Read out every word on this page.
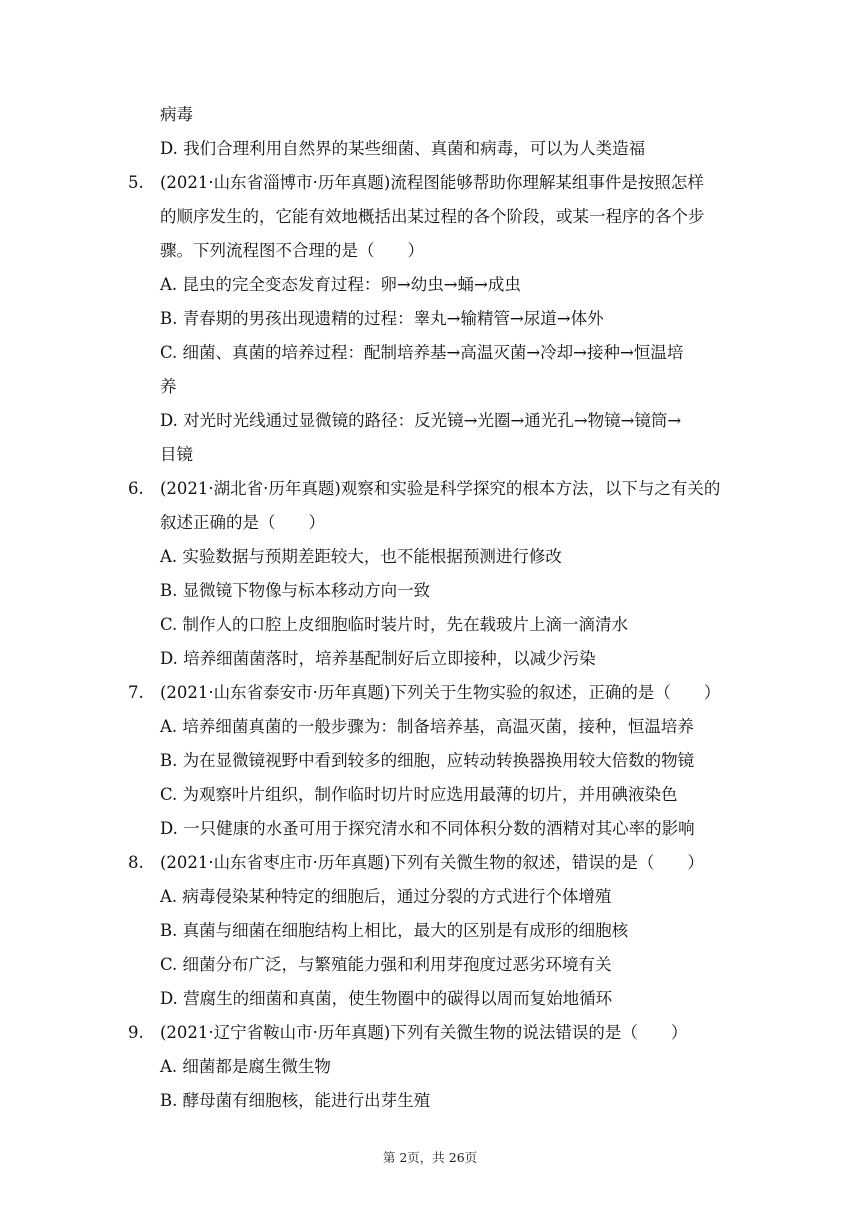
病毒
D. 我们合理利用自然界的某些细菌、真菌和病毒，可以为人类造福
5. (2021·山东省淄博市·历年真题)流程图能够帮助你理解某组事件是按照怎样
的顺序发生的，它能有效地概括出某过程的各个阶段，或某一程序的各个步
骤。下列流程图不合理的是（　　）
A. 昆虫的完全变态发育过程：卵→幼虫→蛹→成虫
B. 青春期的男孩出现遗精的过程：睾丸→输精管→尿道→体外
C. 细菌、真菌的培养过程：配制培养基→高温灭菌→冷却→接种→恒温培
养
D. 对光时光线通过显微镜的路径：反光镜→光圈→通光孔→物镜→镜筒→
目镜
6. (2021·湖北省·历年真题)观察和实验是科学探究的根本方法，以下与之有关的
叙述正确的是（　　）
A. 实验数据与预期差距较大，也不能根据预测进行修改
B. 显微镜下物像与标本移动方向一致
C. 制作人的口腔上皮细胞临时装片时，先在载玻片上滴一滴清水
D. 培养细菌菌落时，培养基配制好后立即接种，以减少污染
7. (2021·山东省泰安市·历年真题)下列关于生物实验的叙述，正确的是（　　）
A. 培养细菌真菌的一般步骤为：制备培养基，高温灭菌，接种，恒温培养
B. 为在显微镜视野中看到较多的细胞，应转动转换器换用较大倍数的物镜
C. 为观察叶片组织，制作临时切片时应选用最薄的切片，并用碘液染色
D. 一只健康的水蚤可用于探究清水和不同体积分数的酒精对其心率的影响
8. (2021·山东省枣庄市·历年真题)下列有关微生物的叙述，错误的是（　　）
A. 病毒侵染某种特定的细胞后，通过分裂的方式进行个体增殖
B. 真菌与细菌在细胞结构上相比，最大的区别是有成形的细胞核
C. 细菌分布广泛，与繁殖能力强和利用芽孢度过恶劣环境有关
D. 营腐生的细菌和真菌，使生物圈中的碳得以周而复始地循环
9. (2021·辽宁省鞍山市·历年真题)下列有关微生物的说法错误的是（　　）
A. 细菌都是腐生微生物
B. 酵母菌有细胞核，能进行出芽生殖
第 2页，共 26页
